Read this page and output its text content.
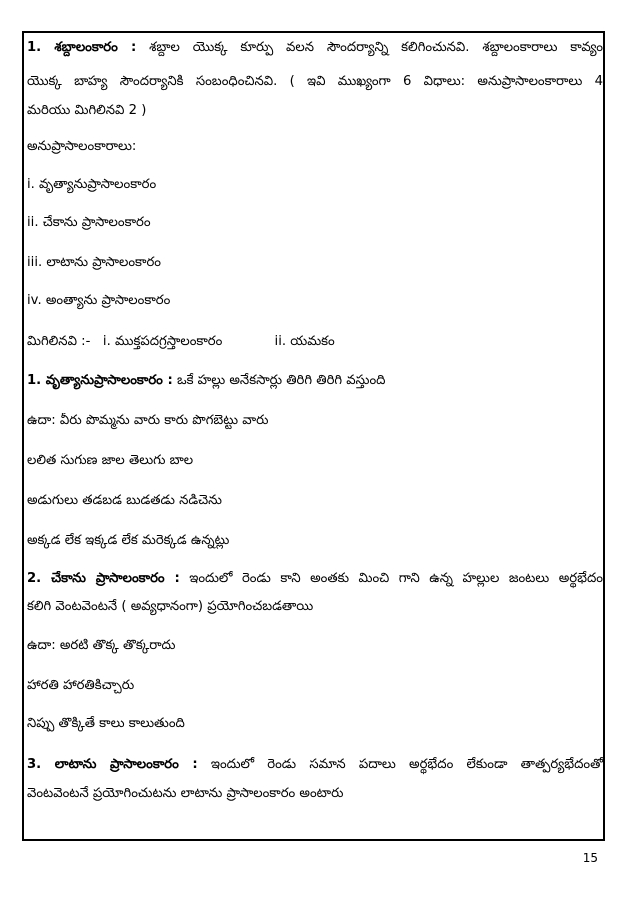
1. శబ్దాలంకారం : శబ్దాల యొక్క కూర్పు వలన సౌందర్యాన్ని కలిగించునవి. శబ్దాలంకారాలు కావ్యం
యొక్క బాహ్య సౌందర్యానికి సంబంధించినవి. ( ఇవి ముఖ్యంగా 6 విధాలు: అనుప్రాసాలంకారాలు 4
మరియు మిగిలినవి 2 )
అనుప్రాసాలంకారాలు:
i. వృత్యానుప్రాసాలంకారం
ii. చేకాను ప్రాసాలంకారం
iii. లాటాను ప్రాసాలంకారం
iv. అంత్యాను ప్రాసాలంకారం
మిగిలినవి :- i. ముక్తపదగ్రస్తాలంకారం	ii. యమకం
1. వృత్యానుప్రాసాలంకారం : ఒకే హల్లు అనేకసార్లు తిరిగి తిరిగి వస్తుంది
ఉదా: వీరు పొమ్మను వారు కారు పొగబెట్టు వారు
లలిత సుగుణ జాల తెలుగు బాల
అడుగులు తడబడ బుడతడు నడిచెను
అక్కడ లేక ఇక్కడ లేక మరెక్కడ ఉన్నట్లు
2. చేకాను ప్రాసాలంకారం : ఇందులో రెండు కాని అంతకు మించి గాని ఉన్న హల్లుల జంటలు అర్థభేదం
కలిగి వెంటవెంటనే ( అవ్యధానంగా) ప్రయోగించబడతాయి
ఉదా: అరటి తొక్క తొక్కరాదు
హారతి హారతికిచ్చారు
నిప్పు తొక్కితే కాలు కాలుతుంది
3. లాటాను ప్రాసాలంకారం : ఇందులో రెండు సమాన పదాలు అర్థభేదం లేకుండా తాత్పర్యభేదంతో
వెంటవెంటనే ప్రయోగించుటను లాటాను ప్రాసాలంకారం అంటారు
15
